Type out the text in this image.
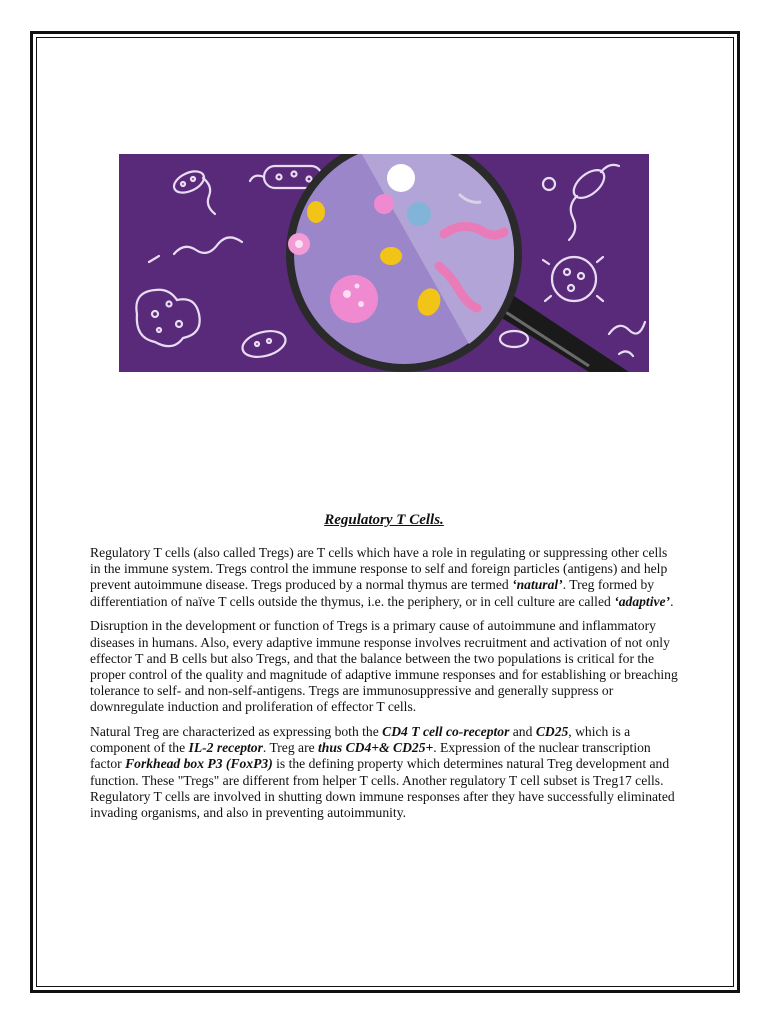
Regulatory T Cells.

Regulatory T cells (also called Tregs) are T cells which have a role in regulating or suppressing other cells in the immune system. Tregs control the immune response to self and foreign particles (antigens) and help prevent autoimmune disease. Tregs produced by a normal thymus are termed ‘natural’. Treg formed by differentiation of naïve T cells outside the thymus, i.e. the periphery, or in cell culture are called ‘adaptive’.

Disruption in the development or function of Tregs is a primary cause of autoimmune and inflammatory diseases in humans. Also, every adaptive immune response involves recruitment and activation of not only effector T and B cells but also Tregs, and that the balance between the two populations is critical for the proper control of the quality and magnitude of adaptive immune responses and for establishing or breaching tolerance to self- and non-self-antigens. Tregs are immunosuppressive and generally suppress or downregulate induction and proliferation of effector T cells.

Natural Treg are characterized as expressing both the CD4 T cell co-receptor and CD25, which is a component of the IL-2 receptor. Treg are thus CD4+& CD25+. Expression of the nuclear transcription factor Forkhead box P3 (FoxP3) is the defining property which determines natural Treg development and function. These "Tregs" are different from helper T cells. Another regulatory T cell subset is Treg17 cells. Regulatory T cells are involved in shutting down immune responses after they have successfully eliminated invading organisms, and also in preventing autoimmunity.
